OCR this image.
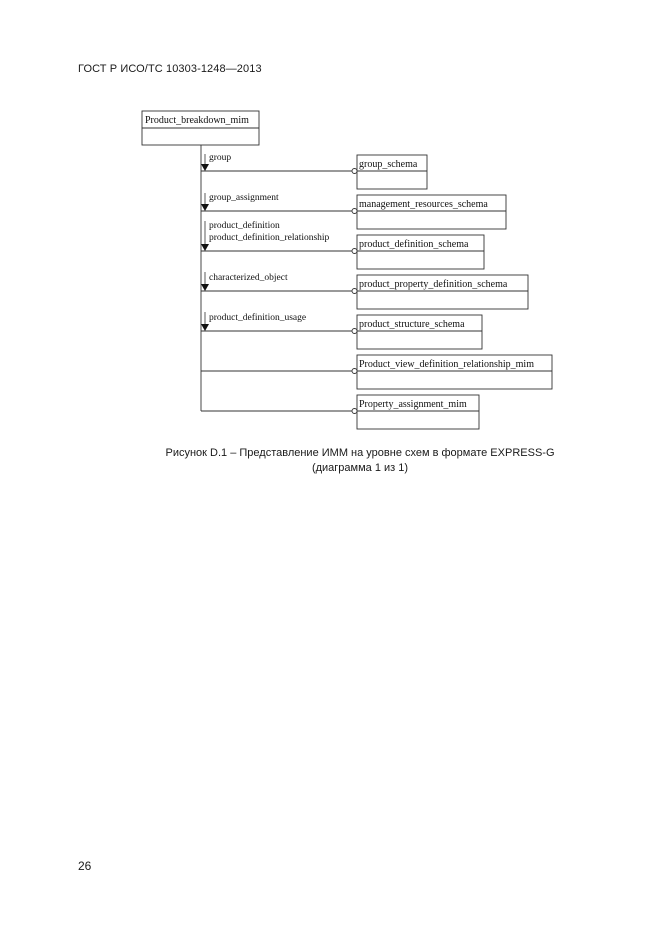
ГОСТ Р ИСО/ТС 10303-1248—2013
Product_breakdown_mim
group
group_schema
group_assignment
management_resources_schema
product_definition
product_definition_relationship
product_definition_schema
characterized_object
product_property_definition_schema
product_definition_usage
product_structure_schema
Product_view_definition_relationship_mim
Property_assignment_mim
Рисунок D.1 – Представление ИММ на уровне схем в формате EXPRESS-G
(диаграмма 1 из 1)
26
